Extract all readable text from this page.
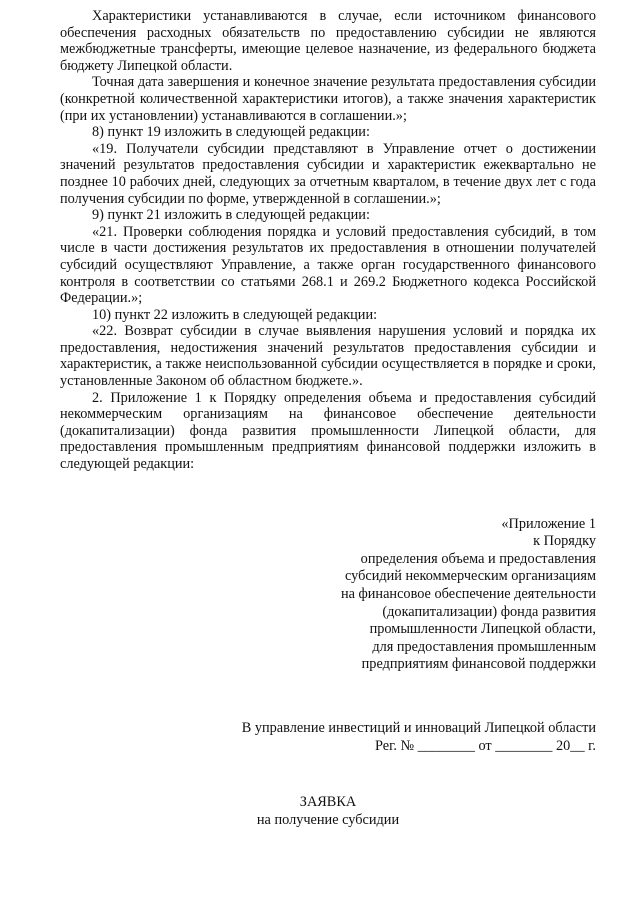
Характеристики устанавливаются в случае, если источником финансового обеспечения расходных обязательств по предоставлению субсидии не являются межбюджетные трансферты, имеющие целевое назначение, из федерального бюджета бюджету Липецкой области.

Точная дата завершения и конечное значение результата предоставления субсидии (конкретной количественной характеристики итогов), а также значения характеристик (при их установлении) устанавливаются в соглашении.»;

8) пункт 19 изложить в следующей редакции:

«19. Получатели субсидии представляют в Управление отчет о достижении значений результатов предоставления субсидии и характеристик ежеквартально не позднее 10 рабочих дней, следующих за отчетным кварталом, в течение двух лет с года получения субсидии по форме, утвержденной в соглашении.»;

9) пункт 21 изложить в следующей редакции:

«21. Проверки соблюдения порядка и условий предоставления субсидий, в том числе в части достижения результатов их предоставления в отношении получателей субсидий осуществляют Управление, а также орган государственного финансового контроля в соответствии со статьями 268.1 и 269.2 Бюджетного кодекса Российской Федерации.»;

10) пункт 22 изложить в следующей редакции:

«22. Возврат субсидии в случае выявления нарушения условий и порядка их предоставления, недостижения значений результатов предоставления субсидии и характеристик, а также неиспользованной субсидии осуществляется в порядке и сроки, установленные Законом об областном бюджете.».

2. Приложение 1 к Порядку определения объема и предоставления субсидий некоммерческим организациям на финансовое обеспечение деятельности (докапитализации) фонда развития промышленности Липецкой области, для предоставления промышленным предприятиям финансовой поддержки изложить в следующей редакции:

«Приложение 1
к Порядку
определения объема и предоставления
субсидий некоммерческим организациям
на финансовое обеспечение деятельности
(докапитализации) фонда развития
промышленности Липецкой области,
для предоставления промышленным
предприятиям финансовой поддержки
В управление инвестиций и инноваций Липецкой области
Рег. № ________ от ________ 20__ г.
ЗАЯВКА
на получение субсидии
